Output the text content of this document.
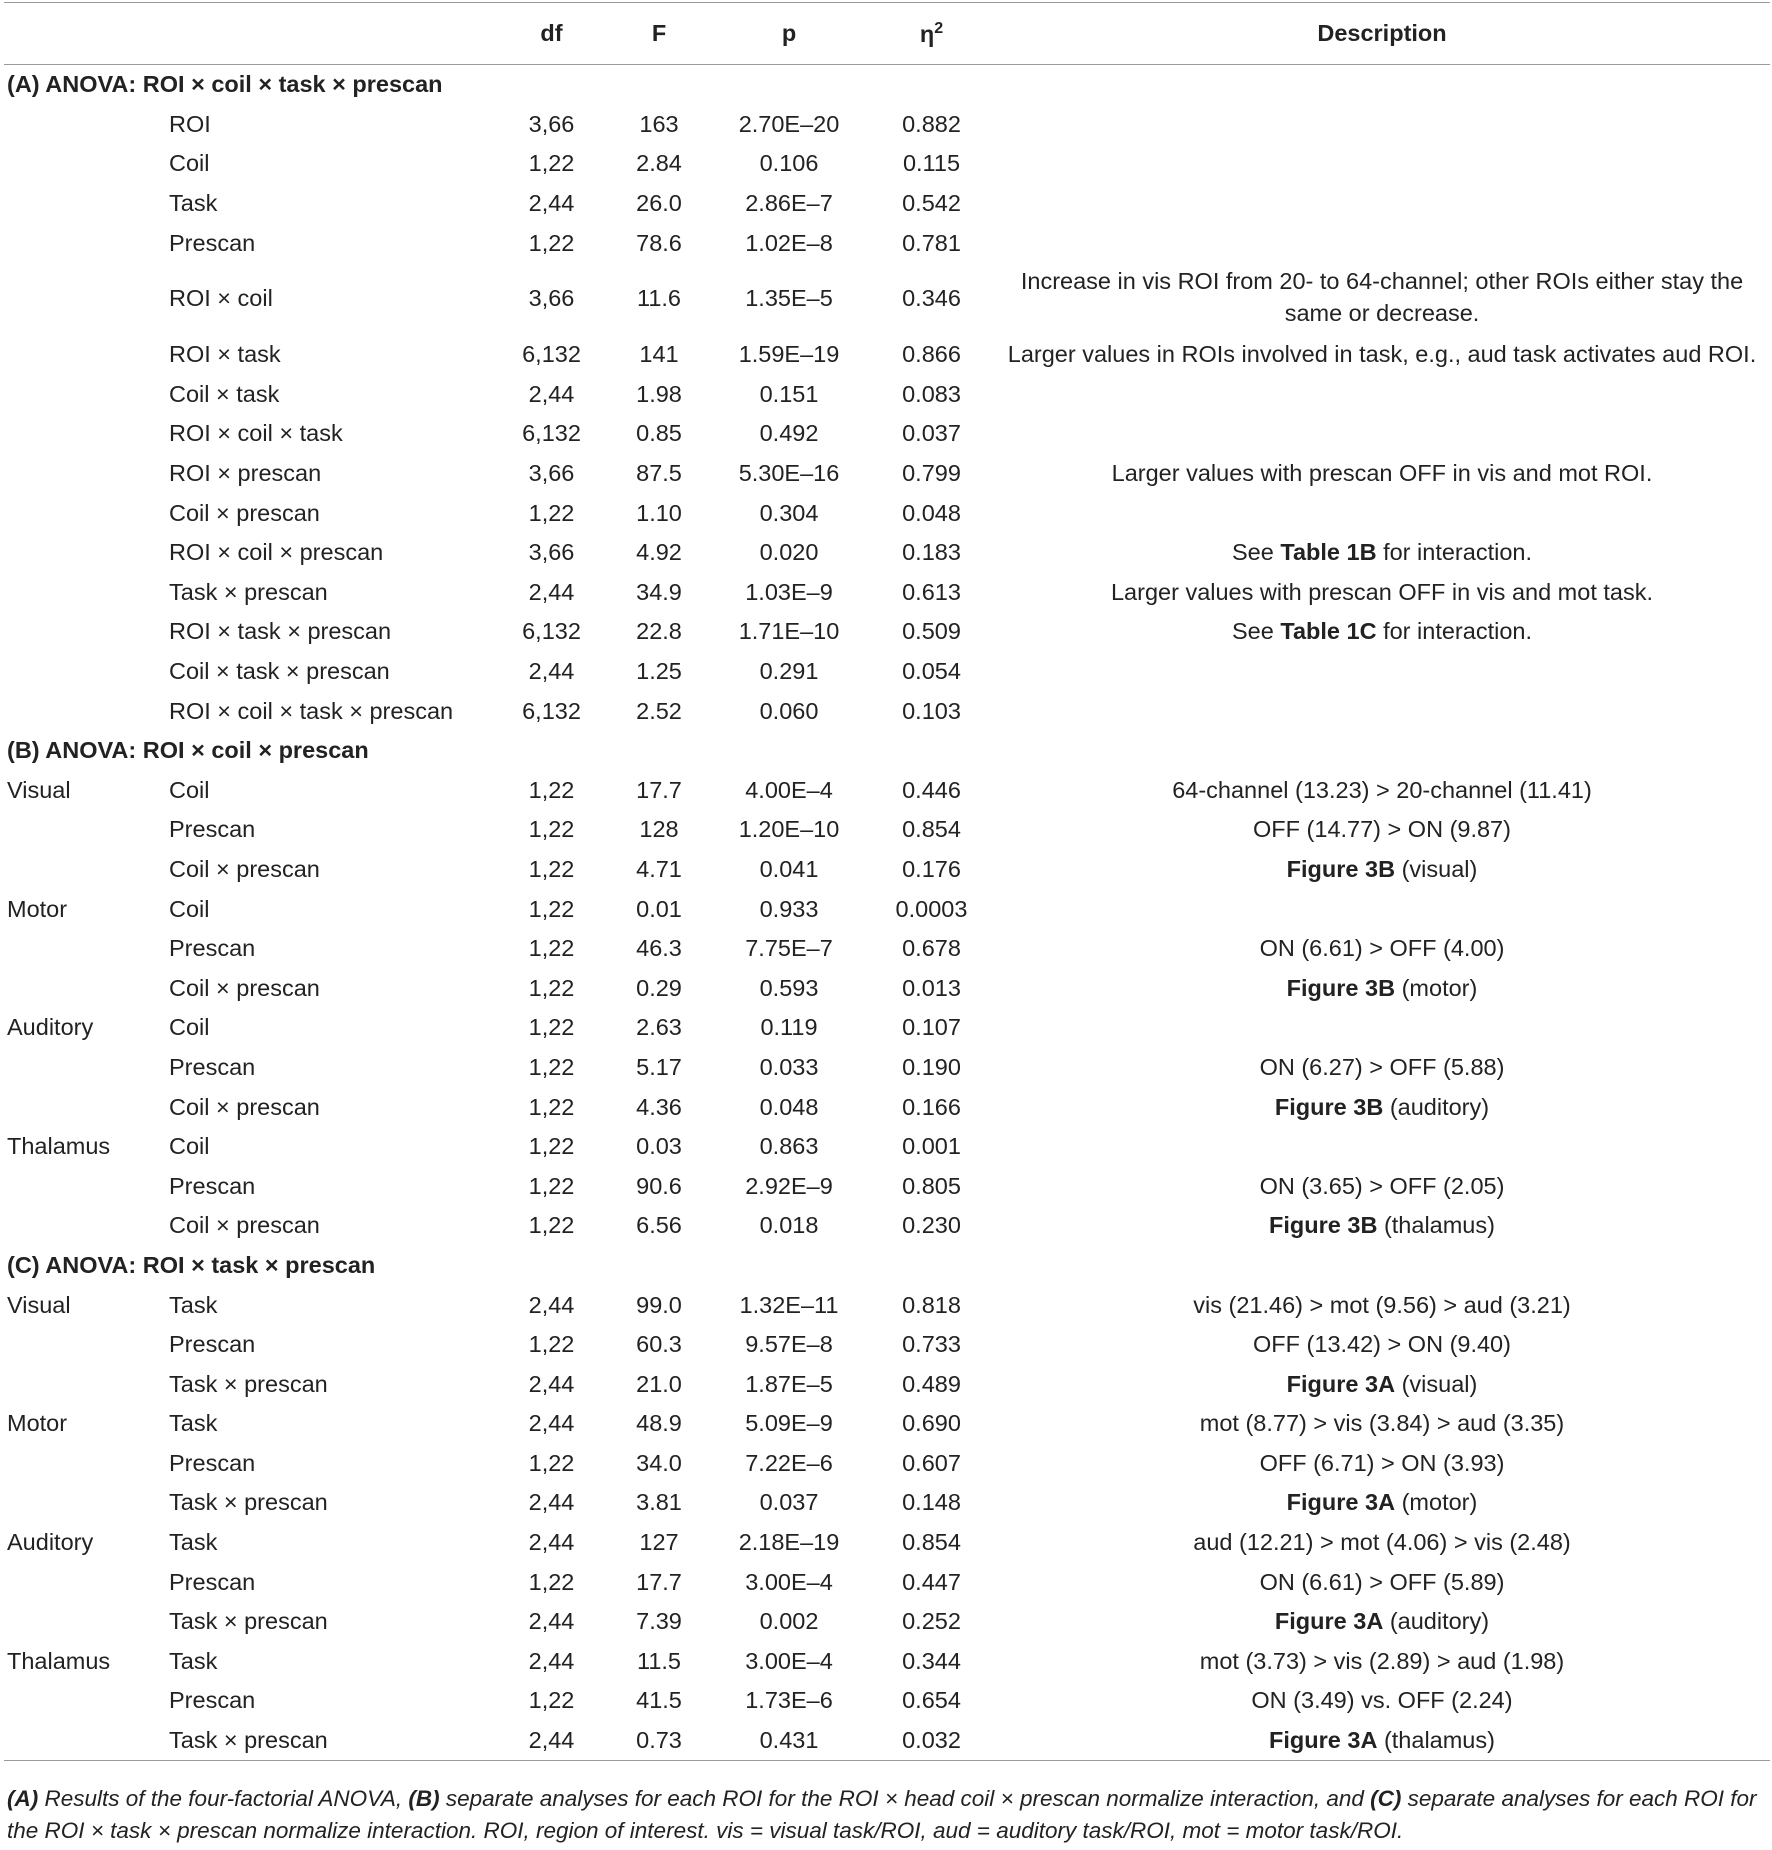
		df	F	p	$\eta^2$	Description
(A) ANOVA: ROI × coil × task × prescan						
	ROI	3,66	163	2.70E–20	0.882	
	Coil	1,22	2.84	0.106	0.115	
	Task	2,44	26.0	2.86E–7	0.542	
	Prescan	1,22	78.6	1.02E–8	0.781	
	ROI × coil	3,66	11.6	1.35E–5	0.346	Increase in vis ROI from 20- to 64-channel; other ROIs either stay the same or decrease.
	ROI × task	6,132	141	1.59E–19	0.866	Larger values in ROIs involved in task, e.g., aud task activates aud ROI.
	Coil × task	2,44	1.98	0.151	0.083	
	ROI × coil × task	6,132	0.85	0.492	0.037	
	ROI × prescan	3,66	87.5	5.30E–16	0.799	Larger values with prescan OFF in vis and mot ROI.
	Coil × prescan	1,22	1.10	0.304	0.048	
	ROI × coil × prescan	3,66	4.92	0.020	0.183	See Table 1B for interaction.
	Task × prescan	2,44	34.9	1.03E–9	0.613	Larger values with prescan OFF in vis and mot task.
	ROI × task × prescan	6,132	22.8	1.71E–10	0.509	See Table 1C for interaction.
	Coil × task × prescan	2,44	1.25	0.291	0.054	
	ROI × coil × task × prescan	6,132	2.52	0.060	0.103	
(B) ANOVA: ROI × coil × prescan						
Visual	Coil	1,22	17.7	4.00E–4	0.446	64-channel (13.23) > 20-channel (11.41)
	Prescan	1,22	128	1.20E–10	0.854	OFF (14.77) > ON (9.87)
	Coil × prescan	1,22	4.71	0.041	0.176	Figure 3B (visual)
Motor	Coil	1,22	0.01	0.933	0.0003	
	Prescan	1,22	46.3	7.75E–7	0.678	ON (6.61) > OFF (4.00)
	Coil × prescan	1,22	0.29	0.593	0.013	Figure 3B (motor)
Auditory	Coil	1,22	2.63	0.119	0.107	
	Prescan	1,22	5.17	0.033	0.190	ON (6.27) > OFF (5.88)
	Coil × prescan	1,22	4.36	0.048	0.166	Figure 3B (auditory)
Thalamus	Coil	1,22	0.03	0.863	0.001	
	Prescan	1,22	90.6	2.92E–9	0.805	ON (3.65) > OFF (2.05)
	Coil × prescan	1,22	6.56	0.018	0.230	Figure 3B (thalamus)
(C) ANOVA: ROI × task × prescan						
Visual	Task	2,44	99.0	1.32E–11	0.818	vis (21.46) > mot (9.56) > aud (3.21)
	Prescan	1,22	60.3	9.57E–8	0.733	OFF (13.42) > ON (9.40)
	Task × prescan	2,44	21.0	1.87E–5	0.489	Figure 3A (visual)
Motor	Task	2,44	48.9	5.09E–9	0.690	mot (8.77) > vis (3.84) > aud (3.35)
	Prescan	1,22	34.0	7.22E–6	0.607	OFF (6.71) > ON (3.93)
	Task × prescan	2,44	3.81	0.037	0.148	Figure 3A (motor)
Auditory	Task	2,44	127	2.18E–19	0.854	aud (12.21) > mot (4.06) > vis (2.48)
	Prescan	1,22	17.7	3.00E–4	0.447	ON (6.61) > OFF (5.89)
	Task × prescan	2,44	7.39	0.002	0.252	Figure 3A (auditory)
Thalamus	Task	2,44	11.5	3.00E–4	0.344	mot (3.73) > vis (2.89) > aud (1.98)
	Prescan	1,22	41.5	1.73E–6	0.654	ON (3.49) vs. OFF (2.24)
	Task × prescan	2,44	0.73	0.431	0.032	Figure 3A (thalamus)
(A) Results of the four-factorial ANOVA, (B) separate analyses for each ROI for the ROI × head coil × prescan normalize interaction, and (C) separate analyses for each ROI for the ROI × task × prescan normalize interaction. ROI, region of interest. vis = visual task/ROI, aud = auditory task/ROI, mot = motor task/ROI.
